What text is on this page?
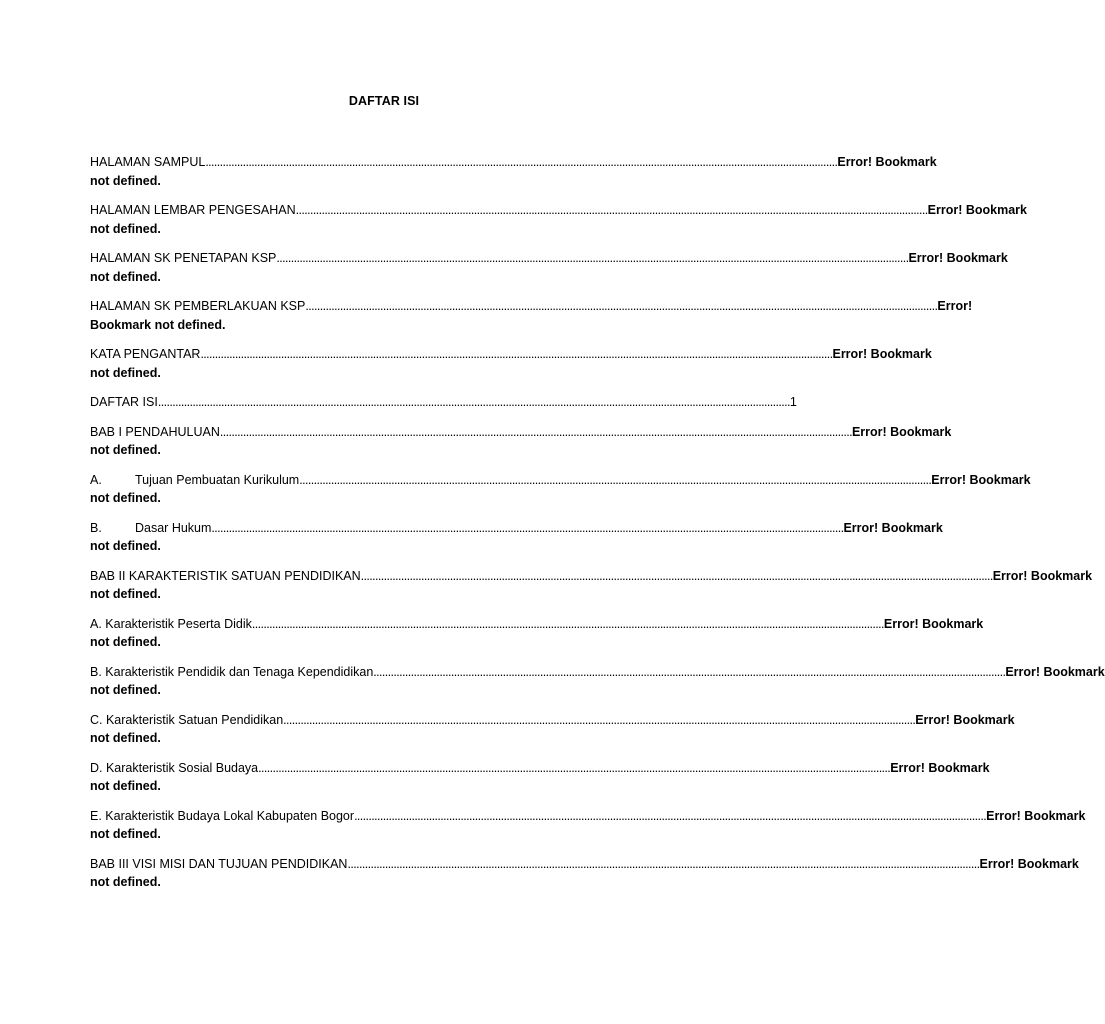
DAFTAR ISI
HALAMAN SAMPUL ............................................................................................................................................................................................................................ Error! Bookmark
not defined.
HALAMAN LEMBAR PENGESAHAN ............................................................................................................................................................................................................................ Error! Bookmark
not defined.
HALAMAN SK PENETAPAN KSP ............................................................................................................................................................................................................................ Error! Bookmark
not defined.
HALAMAN SK PEMBERLAKUAN KSP ............................................................................................................................................................................................................................ Error!
Bookmark not defined.
KATA PENGANTAR ............................................................................................................................................................................................................................ Error! Bookmark
not defined.
DAFTAR ISI ............................................................................................................................................................................................................................ 1
BAB I PENDAHULUAN ............................................................................................................................................................................................................................ Error! Bookmark
not defined.
A.	Tujuan Pembuatan Kurikulum ............................................................................................................................................................................................................................ Error! Bookmark
not defined.
B.	Dasar Hukum ............................................................................................................................................................................................................................ Error! Bookmark
not defined.
BAB II KARAKTERISTIK SATUAN PENDIDIKAN ............................................................................................................................................................................................................................ Error! Bookmark
not defined.
A. Karakteristik Peserta Didik ............................................................................................................................................................................................................................ Error! Bookmark
not defined.
B. Karakteristik Pendidik dan Tenaga Kependidikan ............................................................................................................................................................................................................................ Error! Bookmark
not defined.
C. Karakteristik Satuan Pendidikan ............................................................................................................................................................................................................................ Error! Bookmark
not defined.
D. Karakteristik Sosial Budaya ............................................................................................................................................................................................................................ Error! Bookmark
not defined.
E. Karakteristik Budaya Lokal Kabupaten Bogor ............................................................................................................................................................................................................................ Error! Bookmark
not defined.
BAB III VISI MISI DAN TUJUAN PENDIDIKAN ............................................................................................................................................................................................................................ Error! Bookmark
not defined.
